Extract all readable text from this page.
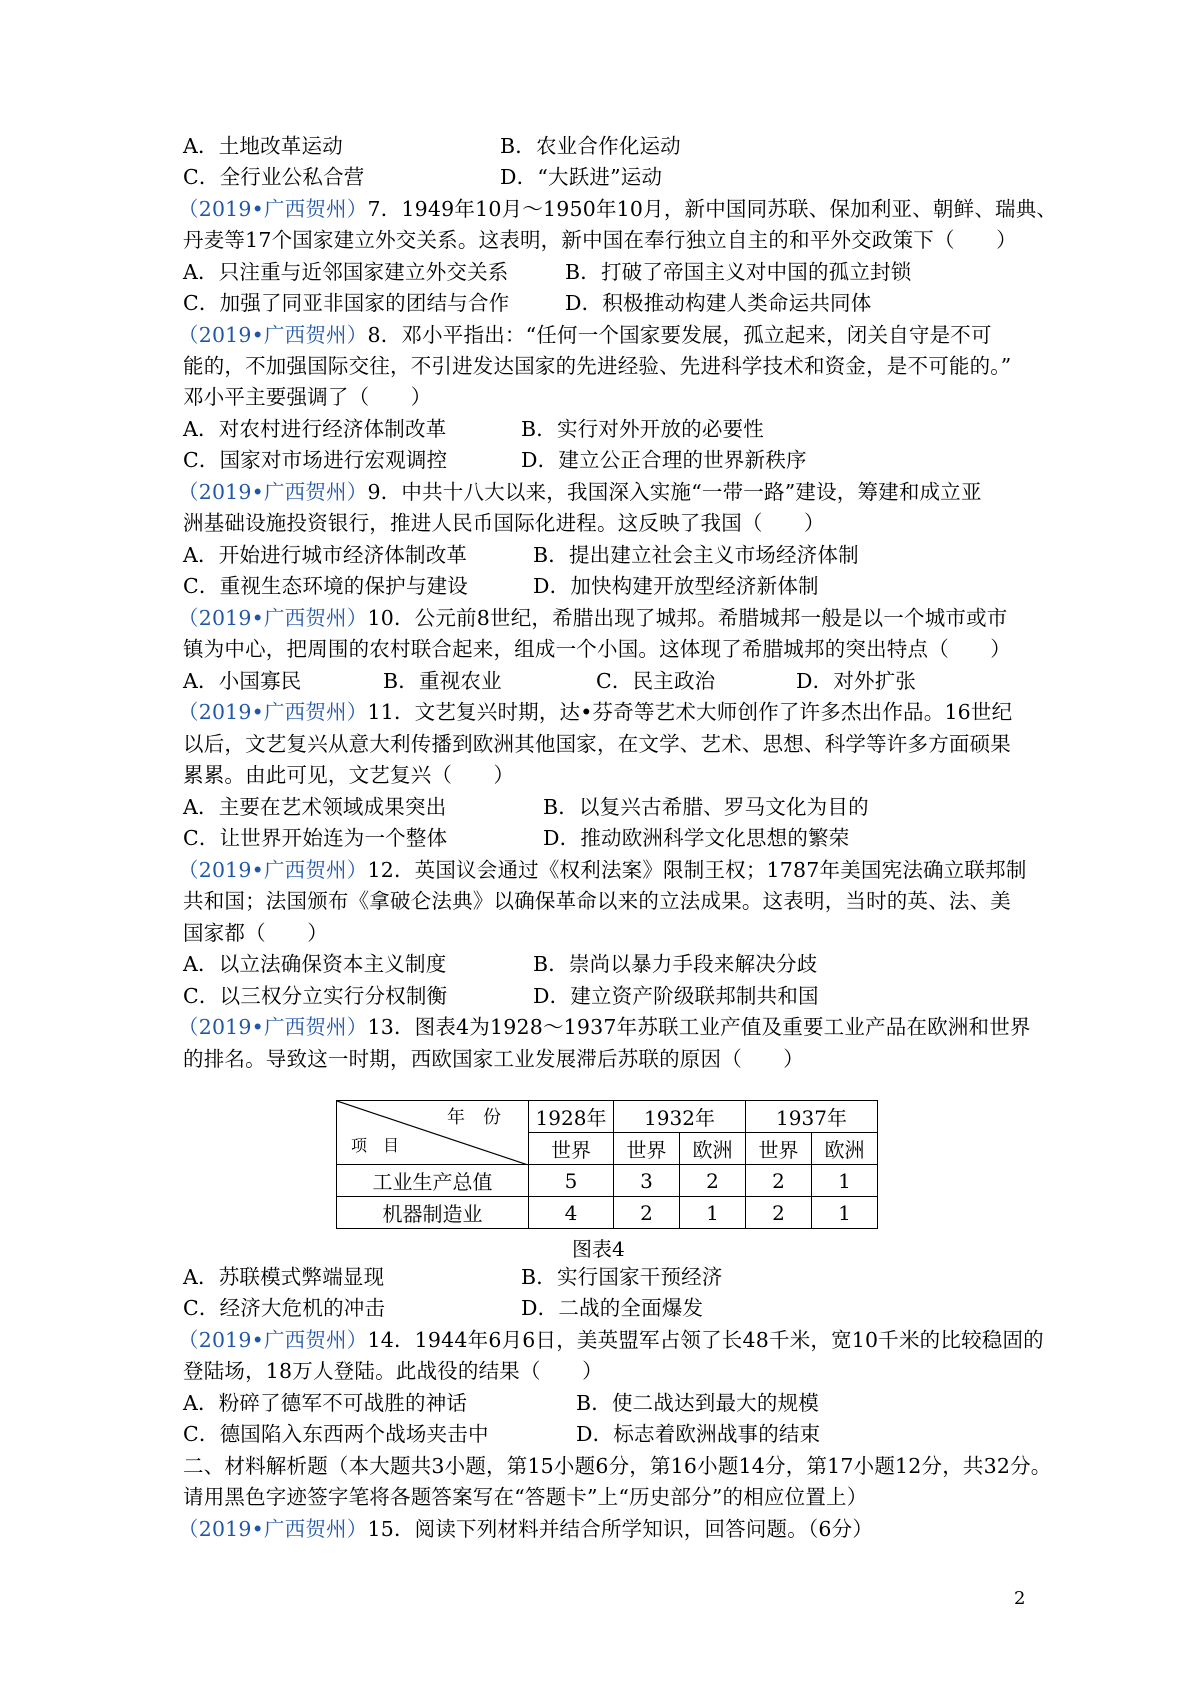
A．土地改革运动	B．农业合作化运动
C．全行业公私合营	D．“大跃进”运动
（2019•广西贺州）7．1949年10月～1950年10月，新中国同苏联、保加利亚、朝鲜、瑞典、
丹麦等17个国家建立外交关系。这表明，新中国在奉行独立自主的和平外交政策下（　　）
A．只注重与近邻国家建立外交关系	B．打破了帝国主义对中国的孤立封锁
C．加强了同亚非国家的团结与合作	D．积极推动构建人类命运共同体
（2019•广西贺州）8．邓小平指出：“任何一个国家要发展，孤立起来，闭关自守是不可
能的，不加强国际交往，不引进发达国家的先进经验、先进科学技术和资金，是不可能的。”
邓小平主要强调了（　　）
A．对农村进行经济体制改革	B．实行对外开放的必要性
C．国家对市场进行宏观调控	D．建立公正合理的世界新秩序
（2019•广西贺州）9．中共十八大以来，我国深入实施“一带一路”建设，筹建和成立亚
洲基础设施投资银行，推进人民币国际化进程。这反映了我国（　　）
A．开始进行城市经济体制改革	B．提出建立社会主义市场经济体制
C．重视生态环境的保护与建设	D．加快构建开放型经济新体制
（2019•广西贺州）10．公元前8世纪，希腊出现了城邦。希腊城邦一般是以一个城市或市
镇为中心，把周围的农村联合起来，组成一个小国。这体现了希腊城邦的突出特点（　　）
A．小国寡民	B．重视农业	C．民主政治	D．对外扩张
（2019•广西贺州）11．文艺复兴时期，达•芬奇等艺术大师创作了许多杰出作品。16世纪
以后，文艺复兴从意大利传播到欧洲其他国家，在文学、艺术、思想、科学等许多方面硕果
累累。由此可见，文艺复兴（　　）
A．主要在艺术领域成果突出	B．以复兴古希腊、罗马文化为目的
C．让世界开始连为一个整体	D．推动欧洲科学文化思想的繁荣
（2019•广西贺州）12．英国议会通过《权利法案》限制王权；1787年美国宪法确立联邦制
共和国；法国颁布《拿破仑法典》以确保革命以来的立法成果。这表明，当时的英、法、美
国家都（　　）
A．以立法确保资本主义制度	B．崇尚以暴力手段来解决分歧
C．以三权分立实行分权制衡	D．建立资产阶级联邦制共和国
（2019•广西贺州）13．图表4为1928～1937年苏联工业产值及重要工业产品在欧洲和世界
的排名。导致这一时期，西欧国家工业发展滞后苏联的原因（　　）
年　份
项　目	1928年	1932年		1937年	
	世界	世界	欧洲	世界	欧洲
工业生产总值	5	3	2	2	1
机器制造业	4	2	1	2	1
图表4
A．苏联模式弊端显现	B．实行国家干预经济
C．经济大危机的冲击	D．二战的全面爆发
（2019•广西贺州）14．1944年6月6日，美英盟军占领了长48千米，宽10千米的比较稳固的
登陆场，18万人登陆。此战役的结果（　　）
A．粉碎了德军不可战胜的神话	B．使二战达到最大的规模
C．德国陷入东西两个战场夹击中	D．标志着欧洲战事的结束
二、材料解析题（本大题共3小题，第15小题6分，第16小题14分，第17小题12分，共32分。
请用黑色字迹签字笔将各题答案写在“答题卡”上“历史部分”的相应位置上）
（2019•广西贺州）15．阅读下列材料并结合所学知识，回答问题。（6分）
2
